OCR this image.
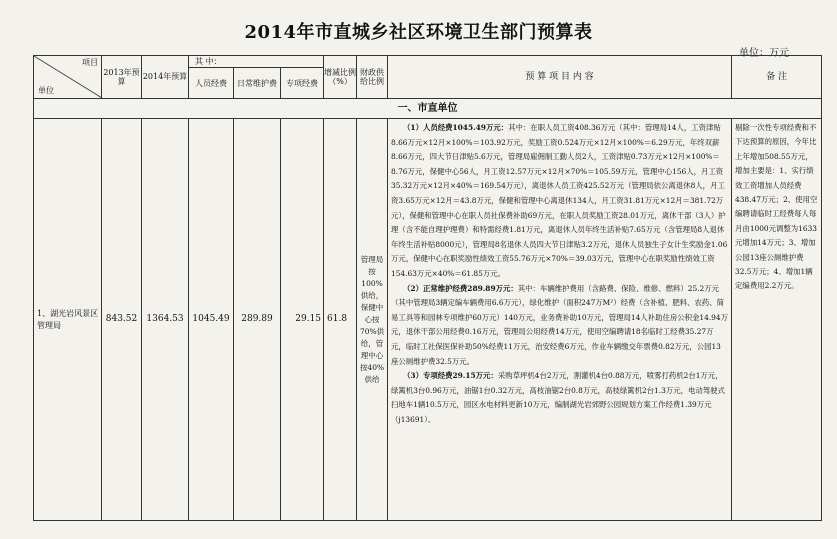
2014年市直城乡社区环境卫生部门预算表
单位：万元
项目
单位	2013年预算	2014年预算	其 中：			增减比例（%）	财政供给比例	预 算 项 目 内 容	备 注
			人员经费	日常维护费	专项经费				
一、市直单位									
1、湖光岩风景区管理局	843.52	1364.53	1045.49	289.89	29.15	61.8	管理局按100%供给，保健中心按70%供给，管理中心按40%供给	（1）人员经费1045.49万元：其中：在职人员工资408.36万元（其中：管理局14人，工资津贴8.66万元×12月×100%＝103.92万元，奖励工资0.524万元×12月×100%＝6.29万元，年终双薪8.66万元，四大节日津贴5.6万元，管理局雇佣制工勤人员2人，工资津贴0.73万元×12月×100%＝8.76万元，保健中心56人，月工资12.57万元×12月×70%＝105.59万元，管理中心156人，月工资35.32万元×12月×40%＝169.54万元），离退休人员工资425.52万元（管理局依公离退休8人，月工资3.65万元×12月＝43.8万元，保健和管理中心离退休134人，月工资31.81万元×12月＝381.72万元），保健和管理中心在职人员社保费补助69万元，在职人员奖励工资28.01万元，离休干部（3人）护理（含不能自理护理费）和特需经费1.81万元，离退休人员年终生活补贴7.65万元（含管理局8人退休年终生活补贴8000元），管理局8名退休人员四大节日津贴3.2万元，退休人员独生子女计生奖励金1.06万元，保健中心在职奖励性绩效工资55.76万元×70%＝39.03万元，管理中心在职奖励性绩效工资154.63万元×40%＝61.85万元。

（2）正常维护经费289.89万元：其中：车辆维护费用（含路费、保险、维修、燃料）25.2万元（其中管理局3辆定编车辆费用6.6万元），绿化维护（面积247万M²）经费（含补植、肥料、农药、简易工具等和园林专项维护60万元）140万元，业务费补助10万元，管理局14人补助住房公积金14.94万元，退休干部公用经费0.16万元，管理局公用经费14万元，使用空编聘请18名临时工经费35.27万元，临时工社保医保补助50%经费11万元，治安经费6万元，作业车辆缴交年票费0.82万元，公园13座公厕维护费32.5万元。

（3）专项经费29.15万元：采购草坪机4台2万元，割灌机4台0.88万元，喷雾打药机2台1万元，绿篱机3台0.96万元，油锯1台0.32万元，高枝油锯2台0.8万元，高枝绿篱机2台1.3万元，电动驾驶式扫地车1辆10.5万元，园区水电材料更新10万元，编制湖光岩郊野公园规划方案工作经费1.39万元（j13691）。	剔除一次性专项经费和不下达预算的原因，今年比上年增加508.55万元，增加主要是：1、实行绩效工资增加人员经费438.47万元；2、使用空编聘请临时工经费每人每月由1000元调整为1633元增加14万元；3、增加公园13座公厕维护费32.5万元；4、增加1辆定编费用2.2万元。
